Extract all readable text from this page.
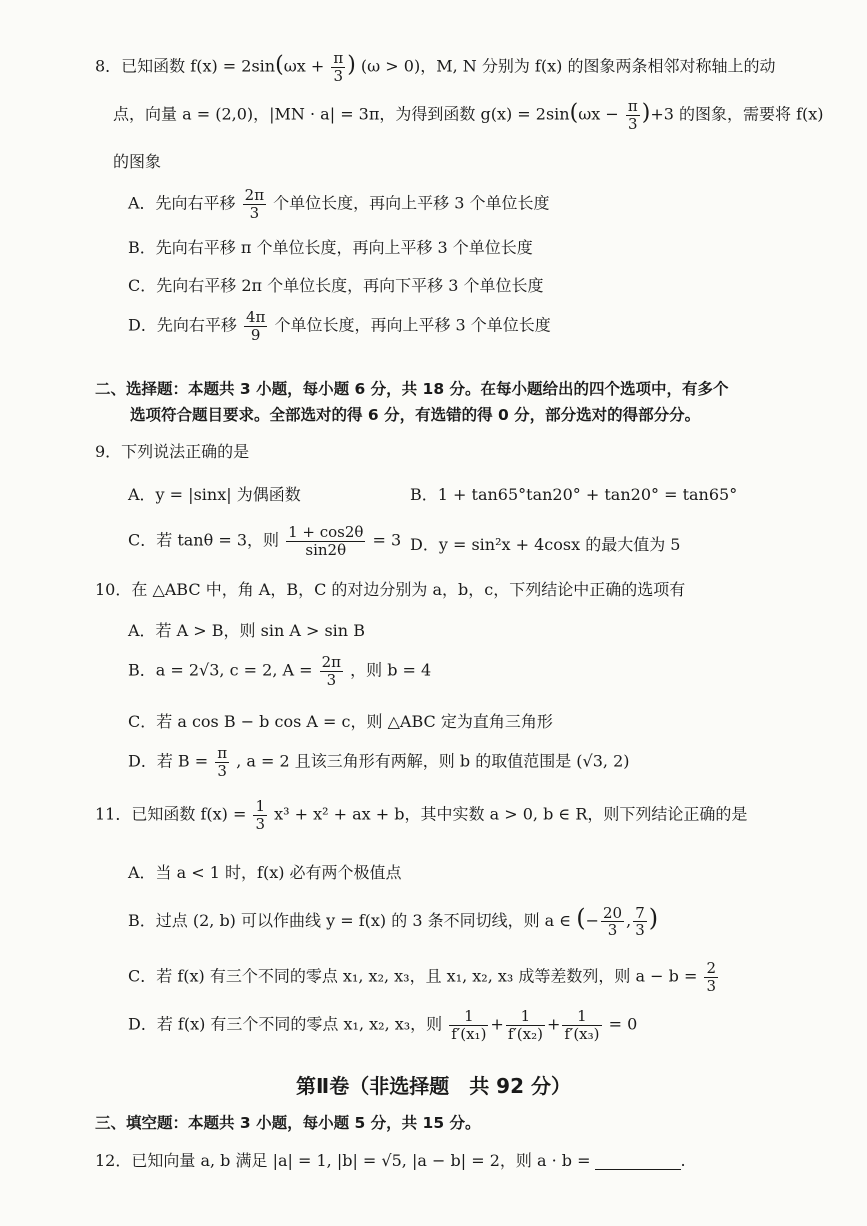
8．已知函数 $f(x) = 2\sin(\omega x + \frac{\pi}{3}$ ) (ω > 0)，M, N 分别为 f(x) 的图象两条相邻对称轴上的动
点，向量 a = (2,0)，|MN · a| = 3π，为得到函数 $g(x) = 2\sin(\omega x - \frac{\pi}{3} )+3$ 的图象，需要将 f(x)
的图象
A．先向右平移 $\frac{2\pi}{3}$ 个单位长度，再向上平移 3 个单位长度
B．先向右平移 π 个单位长度，再向上平移 3 个单位长度
C．先向右平移 2π 个单位长度，再向下平移 3 个单位长度
D．先向右平移 $\frac{4\pi}{9}$ 个单位长度，再向上平移 3 个单位长度
二、选择题：本题共 3 小题，每小题 6 分，共 18 分。在每小题给出的四个选项中，有多个
选项符合题目要求。全部选对的得 6 分，有选错的得 0 分，部分选对的得部分分。
9．下列说法正确的是
A．y = |sinx| 为偶函数	B．1 + tan65°tan20° + tan20° = tan65°
C．若 tanθ = 3，则 $\frac{1 + \cos 2\theta}{\sin 2\theta} = 3$ D．y = sin²x + 4cosx 的最大值为 5
10．在 △ABC 中，角 A，B，C 的对边分别为 a，b，c，下列结论中正确的选项有
A．若 A > B，则 sin A > sin B
B．a = 2√3, c = 2, $A = \frac{2\pi}{3}$ ，则 b = 4
C．若 a cos B − b cos A = c，则 △ABC 定为直角三角形
D．若 $B = \frac{\pi}{3}$ , a = 2 且该三角形有两解，则 b 的取值范围是 (√3, 2)
11．已知函数 $f(x) = \frac{1}{3} x^3 + x^2$ + ax + b，其中实数 a > 0, b ∈ R，则下列结论正确的是
A．当 a < 1 时，f(x) 必有两个极值点
B．过点 (2, b) 可以作曲线 y = f(x) 的 3 条不同切线，则 a ∈ (− $\frac{20}{3}$ , $\frac{7}{3}$ )
C．若 f(x) 有三个不同的零点 x₁, x₂, x₃，且 x₁, x₂, x₃ 成等差数列，则 $a - b = \frac{2}{3}$
D．若 f(x) 有三个不同的零点 x₁, x₂, x₃，则 $\frac{1}{\text{f′(x₁)}} + \frac{1}{\text{f′(x₂)}} + \frac{1}{\text{f′(x₃)}} = 0$
第Ⅱ卷（非选择题　共 92 分）
三、填空题：本题共 3 小题，每小题 5 分，共 15 分。
12．已知向量 a, b 满足 |a| = 1, |b| = √5, |a − b| = 2，则 a · b =	.
